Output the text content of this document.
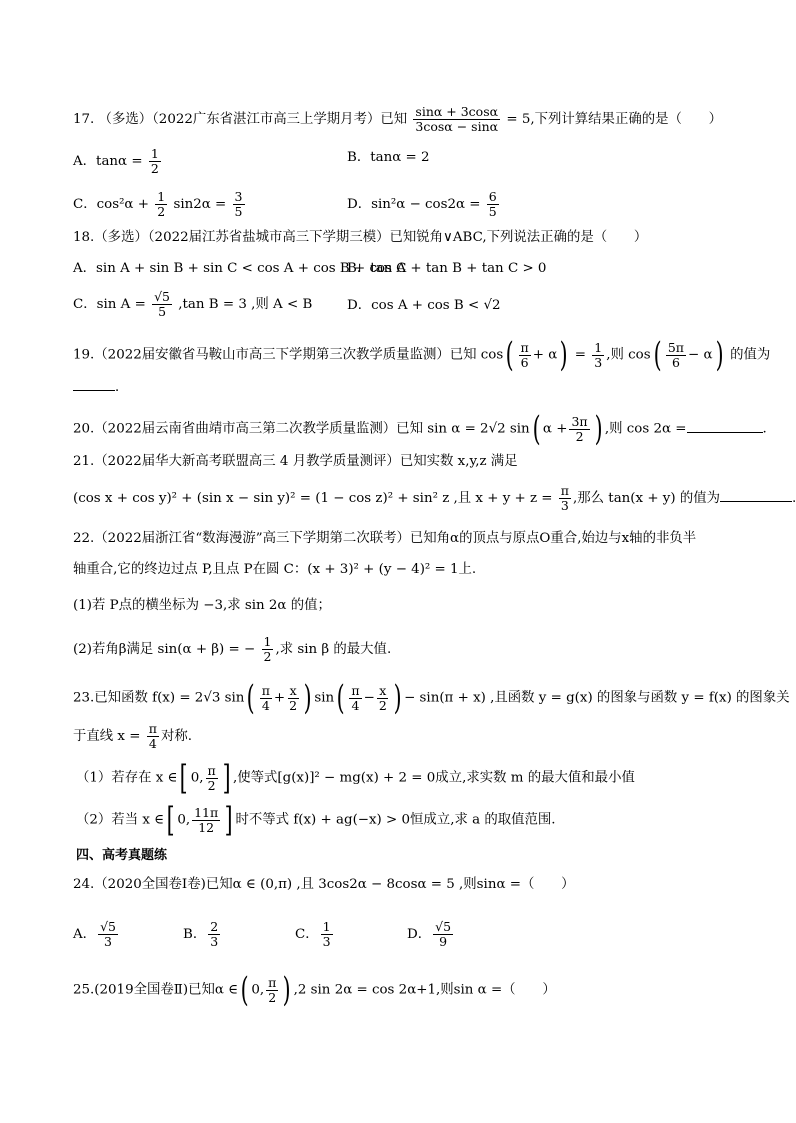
17. （多选）（2022广东省湛江市高三上学期月考）已知 $\frac{\sin\alpha + 3\cos\alpha}{3\cos\alpha - \sin\alpha} = 5$,下列计算结果正确的是（　　）
A．$\tan\alpha = \frac{1}{2}$	B．tanα = 2
C．$\cos^2\alpha + \frac{1}{2} \sin 2\alpha = \frac{3}{5}$	D．$\sin^2\alpha - \cos 2\alpha = \frac{6}{5}$
18.（多选）（2022届江苏省盐城市高三下学期三模）已知锐角∨ABC,下列说法正确的是（　　）
A．sin A + sin B + sin C < cos A + cos B + cos C
B．tan A + tan B + tan C > 0
C．$\sin A = \frac{√5}{5} ,\tan$ B = 3 ,则 A < B	D．cos A + cos B < √2
19.（2022届安徽省马鞍山市高三下学期第三次教学质量监测）已知 $\cos( \frac{\pi}{6} + \alpha) = \frac{1}{3}$ ,则 $\cos( \frac{5\pi}{6} - \alpha)$ 的值为
．
20.（2022届云南省曲靖市高三第二次教学质量监测）已知 sin α = 2√2 sin( $\alpha + \frac{3\pi}{2}$ ) ,则 cos 2α =	.
21.（2022届华大新高考联盟高三 4 月教学质量测评）已知实数 x,y,z 满足
(cos x + cos y)² + (sin x − sin y)² = (1 − cos z)² + sin² z ,且 $x + y + z = \frac{\pi}{3}$ ,那么 tan(x + y) 的值为	.
22.（2022届浙江省“数海漫游”高三下学期第二次联考）已知角α的顶点与原点O重合,始边与x轴的非负半
轴重合,它的终边过点 P,且点 P在圆 C：(x + 3)² + (y − 4)² = 1上.
(1)若 P点的横坐标为 −3,求 sin 2α 的值；
(2)若角β满足 sin(α + β) = − $\frac{1}{2}$ ,求 sin β 的最大值.
23.已知函数 f(x) = 2√3 $\sin( \frac{\pi}{4} + \frac{x}{2}$ ) $\sin( \frac{\pi}{4} - \frac{x}{2}$ ) − sin(π + x) ,且函数 y = g(x) 的图象与函数 y = f(x) 的图象关
于直线 $x = \frac{\pi}{4}$ 对称.
（1）若存在 x ∈[ 0, $\frac{\pi}{2}$ ] ,使等式[g(x)]² − mg(x) + 2 = 0成立,求实数 m 的最大值和最小值
（2）若当 x ∈[ 0, $\frac{11\pi}{12}$ ] 时不等式 f(x) + ag(−x) > 0恒成立,求 a 的取值范围.
四、高考真题练
24.（2020全国卷Ⅰ卷)已知α ∈ (0,π) ,且 3cos2α − 8cosα = 5 ,则sinα =（　　）
A． $\frac{√5}{3}$	B． $\frac{2}{3}$	C． $\frac{1}{3}$	D． $\frac{√5}{9}$
25.(2019全国卷Ⅱ)已知α ∈( 0, $\frac{\pi}{2}$ ) ,2 sin 2α = cos 2α+1,则sin α =（　　）
